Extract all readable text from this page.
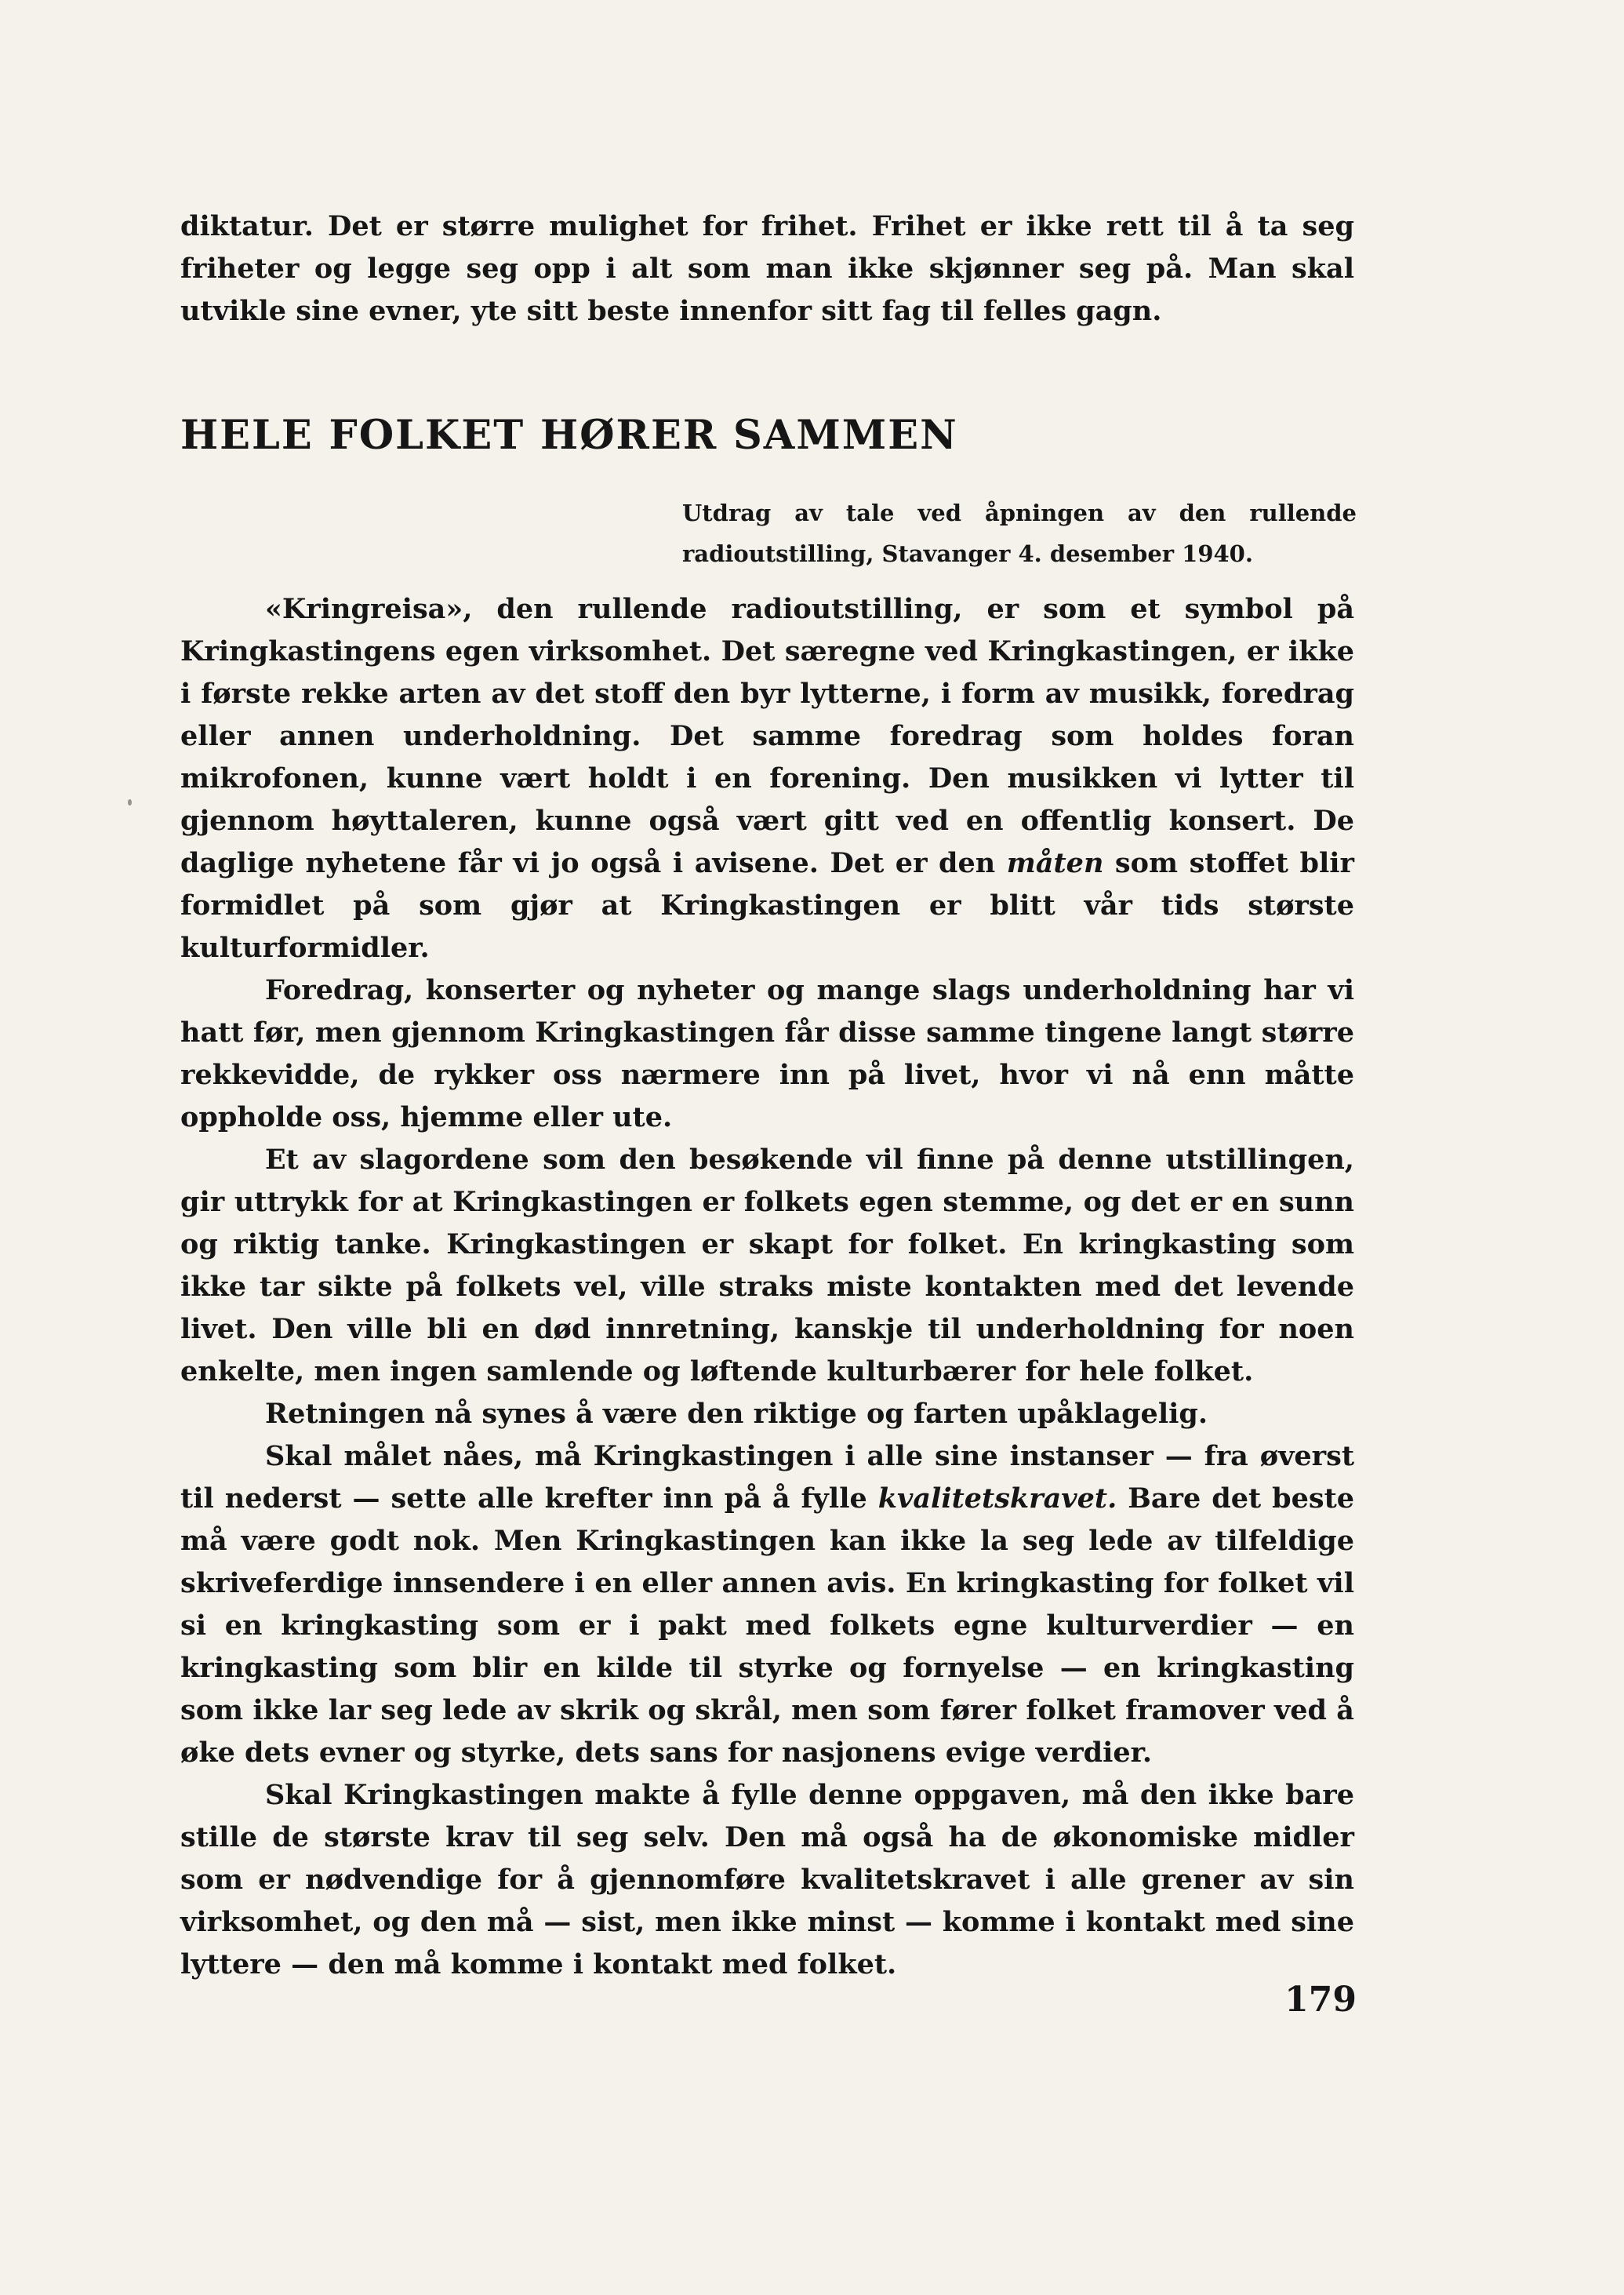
diktatur. Det er større mulighet for frihet. Frihet er ikke rett til å ta seg friheter og legge seg opp i alt som man ikke skjønner seg på. Man skal utvikle sine evner, yte sitt beste innenfor sitt fag til felles gagn.

HELE FOLKET HØRER SAMMEN

Utdrag av tale ved åpningen av den rullende radioutstilling, Stavanger 4. desember 1940.

«Kringreisa», den rullende radioutstilling, er som et symbol på Kringkastingens egen virksomhet. Det særegne ved Kringkastingen, er ikke i første rekke arten av det stoff den byr lytterne, i form av musikk, foredrag eller annen underholdning. Det samme foredrag som holdes foran mikrofonen, kunne vært holdt i en forening. Den musikken vi lytter til gjennom høyttaleren, kunne også vært gitt ved en offentlig konsert. De daglige nyhetene får vi jo også i avisene. Det er den måten som stoffet blir formidlet på som gjør at Kringkastingen er blitt vår tids største kulturformidler.

Foredrag, konserter og nyheter og mange slags underholdning har vi hatt før, men gjennom Kringkastingen får disse samme tingene langt større rekkevidde, de rykker oss nærmere inn på livet, hvor vi nå enn måtte oppholde oss, hjemme eller ute.

Et av slagordene som den besøkende vil finne på denne utstillingen, gir uttrykk for at Kringkastingen er folkets egen stemme, og det er en sunn og riktig tanke. Kringkastingen er skapt for folket. En kringkasting som ikke tar sikte på folkets vel, ville straks miste kontakten med det levende livet. Den ville bli en død innretning, kanskje til underholdning for noen enkelte, men ingen samlende og løftende kulturbærer for hele folket.

Retningen nå synes å være den riktige og farten upåklagelig.

Skal målet nåes, må Kringkastingen i alle sine instanser — fra øverst til nederst — sette alle krefter inn på å fylle kvalitetskravet. Bare det beste må være godt nok. Men Kringkastingen kan ikke la seg lede av tilfeldige skriveferdige innsendere i en eller annen avis. En kringkasting for folket vil si en kringkasting som er i pakt med folkets egne kulturverdier — en kringkasting som blir en kilde til styrke og fornyelse — en kringkasting som ikke lar seg lede av skrik og skrål, men som fører folket framover ved å øke dets evner og styrke, dets sans for nasjonens evige verdier.

Skal Kringkastingen makte å fylle denne oppgaven, må den ikke bare stille de største krav til seg selv. Den må også ha de økonomiske midler som er nødvendige for å gjennomføre kvalitetskravet i alle grener av sin virksomhet, og den må — sist, men ikke minst — komme i kontakt med sine lyttere — den må komme i kontakt med folket.

179
